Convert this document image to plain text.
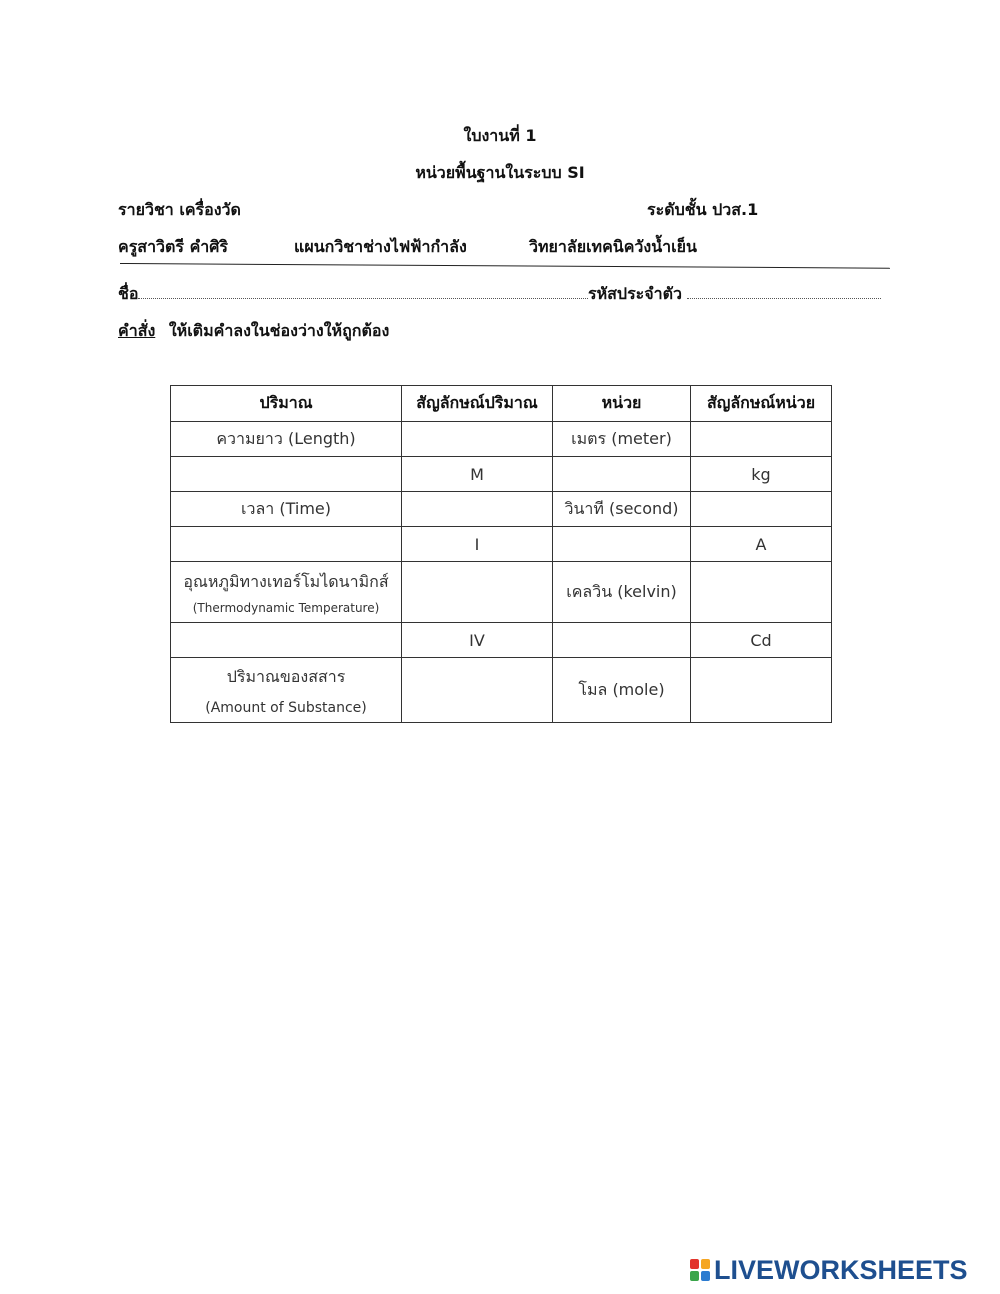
ใบงานที่ 1
หน่วยพื้นฐานในระบบ SI
รายวิชา เครื่องวัด	ระดับชั้น ปวส.1
ครูสาวิตรี คำศิริ	แผนกวิชาช่างไฟฟ้ากำลัง	วิทยาลัยเทคนิควังน้ำเย็น
ชื่อ	รหัสประจำตัว
คำสั่ง ให้เติมคำลงในช่องว่างให้ถูกต้อง
ปริมาณ	สัญลักษณ์ปริมาณ	หน่วย	สัญลักษณ์หน่วย
ความยาว (Length)		เมตร (meter)	
	M		kg
เวลา (Time)		วินาที (second)	
	I		A
อุณหภูมิทางเทอร์โมไดนามิกส์
(Thermodynamic Temperature)		เคลวิน (kelvin)	
	IV		Cd
ปริมาณของสสาร
(Amount of Substance)		โมล (mole)	
LIVEWORKSHEETS
